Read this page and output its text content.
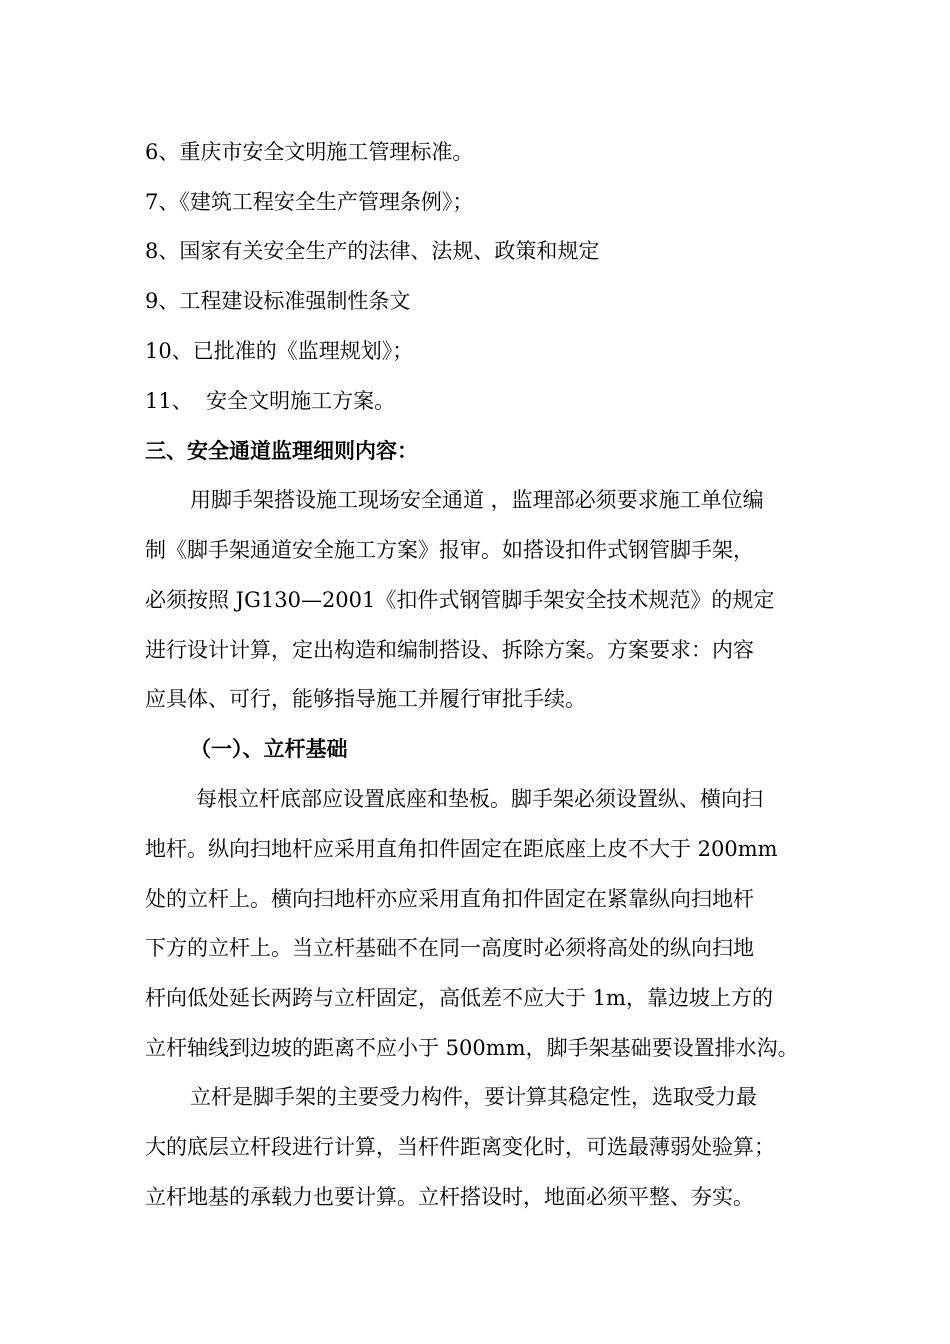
6、重庆市安全文明施工管理标准。
7、《建筑工程安全生产管理条例》；
8、国家有关安全生产的法律、法规、政策和规定
9、工程建设标准强制性条文
10、已批准的《监理规划》；
11、  安全文明施工方案。
三、安全通道监理细则内容：
用脚手架搭设施工现场安全通道 ，监理部必须要求施工单位编
制《脚手架通道安全施工方案》报审。如搭设扣件式钢管脚手架，
必须按照 JG130—2001《扣件式钢管脚手架安全技术规范》的规定
进行设计计算，定出构造和编制搭设、拆除方案。方案要求：内容
应具体、可行，能够指导施工并履行审批手续。
（一）、立杆基础
每根立杆底部应设置底座和垫板。脚手架必须设置纵、横向扫
地杆。纵向扫地杆应采用直角扣件固定在距底座上皮不大于 200mm
处的立杆上。横向扫地杆亦应采用直角扣件固定在紧靠纵向扫地杆
下方的立杆上。当立杆基础不在同一高度时必须将高处的纵向扫地
杆向低处延长两跨与立杆固定，高低差不应大于 1m，靠边坡上方的
立杆轴线到边坡的距离不应小于 500mm，脚手架基础要设置排水沟。
立杆是脚手架的主要受力构件，要计算其稳定性，选取受力最
大的底层立杆段进行计算，当杆件距离变化时，可选最薄弱处验算；
立杆地基的承载力也要计算。立杆搭设时，地面必须平整、夯实。
